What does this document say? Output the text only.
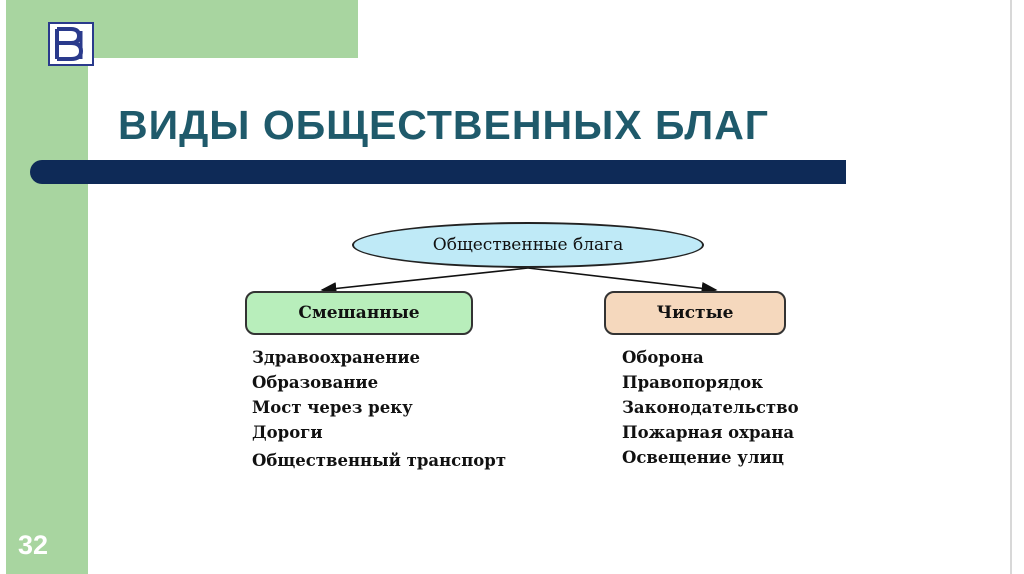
ВИДЫ ОБЩЕСТВЕННЫХ БЛАГ
Общественные блага
Смешанные	Чистые
Здравоохранение
Образование
Мост через реку
Дороги
Общественный транспорт
Оборона
Правопорядок
Законодательство
Пожарная охрана
Освещение улиц
32
